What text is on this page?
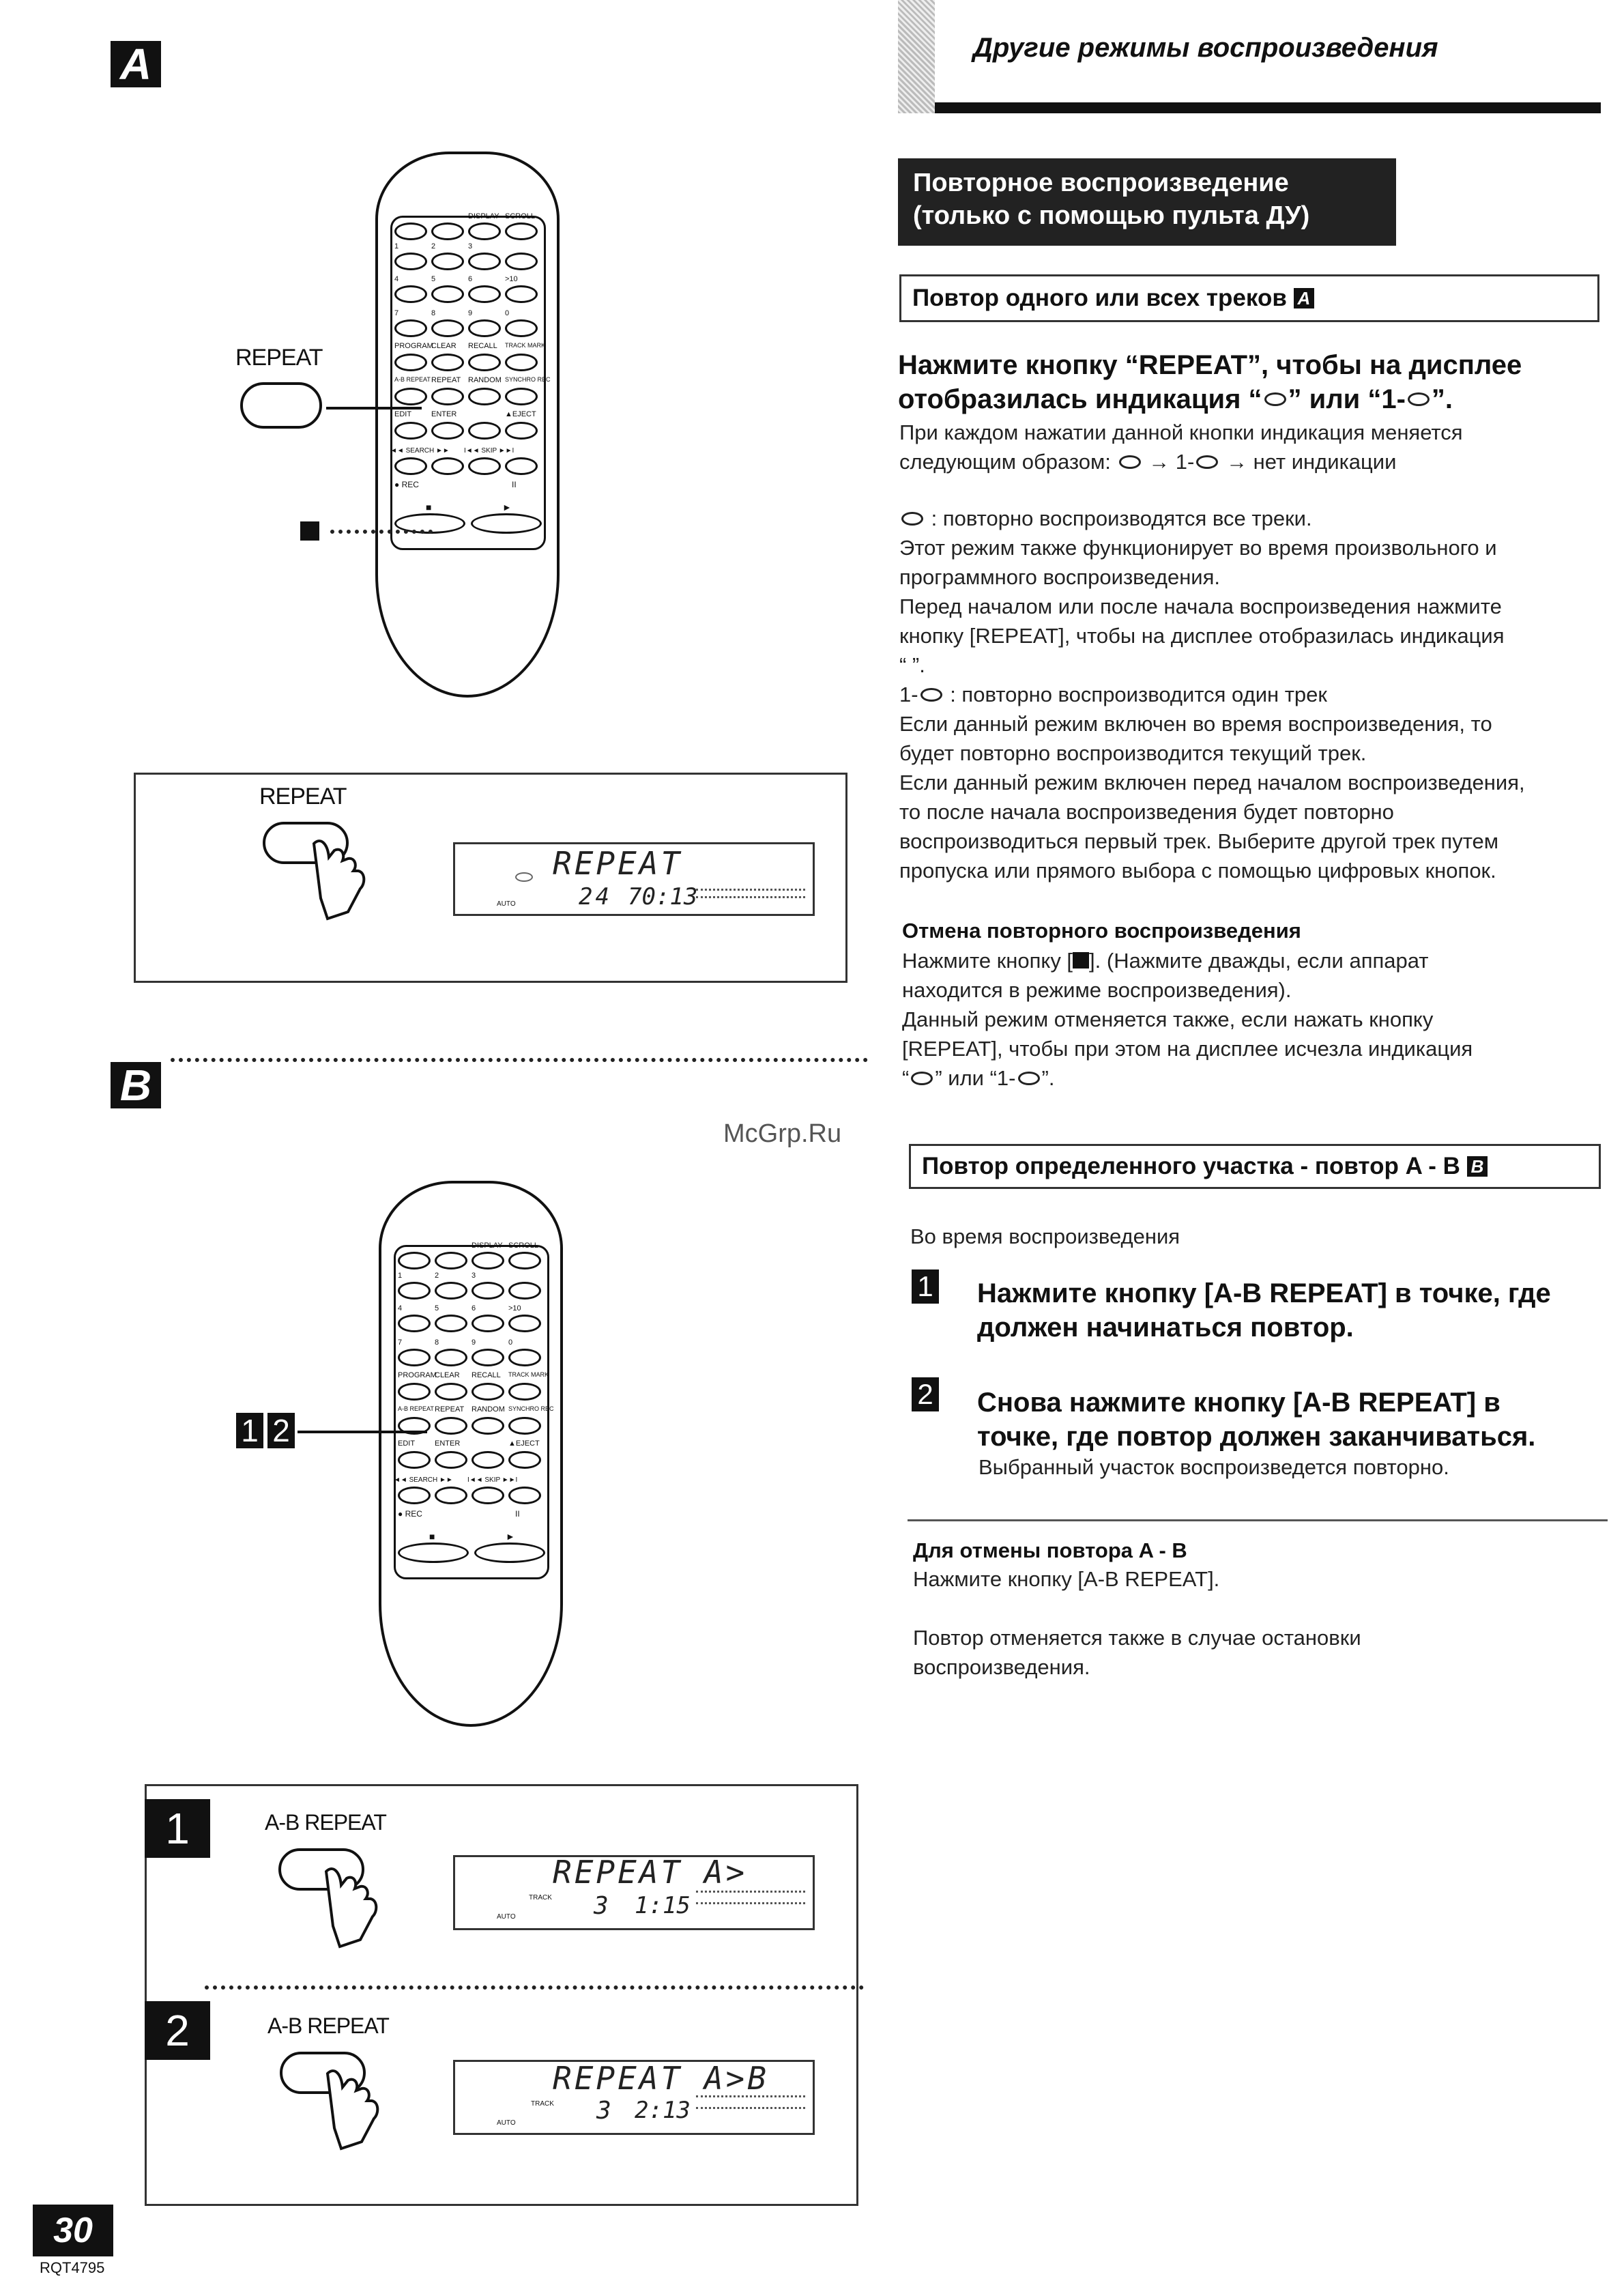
A
DISPLAY SCROLL
1	2	3
4	5	6	>10
7	8	9	0
PROGRAM
CLEAR RECALL TRACK MARK
A-B REPEAT REPEAT RANDOM SYNCHRO REC
EDIT	ENTER	▲EJECT
◄◄ SEARCH ►► I◄◄ SKIP ►►I
● REC	II
■	►
REPEAT
REPEAT
REPEAT
24 70:13
AUTO
B
DISPLAY SCROLL
1	2	3
4	5	6	>10
7	8	9	0
PROGRAM
CLEAR RECALL TRACK MARK
A-B REPEAT REPEAT RANDOM SYNCHRO REC
EDIT	ENTER	▲EJECT
◄◄ SEARCH ►► I◄◄ SKIP ►►I
● REC	II
■	►
1 2
1	A-B REPEAT
REPEAT A>
3 1:15
TRACK
AUTO
2	A-B REPEAT
REPEAT A>B
3 2:13
TRACK
AUTO
30
RQT4795
Другие режимы воспроизведения
Повторное воспроизведение
(только с помощью пульта ДУ)
Повтор одного или всех треков A
Нажмите кнопку “REPEAT”, чтобы на дисплее
отобразилась индикация “ ” или “1- ”.
При каждом нажатии данной кнопки индикация меняется
следующим образом: → 1- → нет индикации
: повторно воспроизводятся все треки.
Этот режим также функционирует во время произвольного и
программного воспроизведения.
Перед началом или после начала воспроизведения нажмите
кнопку [REPEAT], чтобы на дисплее отобразилась индикация
“ ”.
1- : повторно воспроизводится один трек
Если данный режим включен во время воспроизведения, то
будет повторно воспроизводится текущий трек.
Если данный режим включен перед началом воспроизведения,
то после начала воспроизведения будет повторно
воспроизводиться первый трек. Выберите другой трек путем
пропуска или прямого выбора с помощью цифровых кнопок.
Отмена повторного воспроизведения
Нажмите кнопку [ ]. (Нажмите дважды, если аппарат
находится в режиме воспроизведения).
Данный режим отменяется также, если нажать кнопку
[REPEAT], чтобы при этом на дисплее исчезла индикация
“ ” или “1- ”.
McGrp.Ru
Повтор определенного участка - повтор A - B B
Во время воспроизведения
1 Нажмите кнопку [A-B REPEAT] в точке, где
должен начинаться повтор.
2 Снова нажмите кнопку [A-B REPEAT] в
точке, где повтор должен заканчиваться.
Выбранный участок воспроизведется повторно.
Для отмены повтора A - B
Нажмите кнопку [A-B REPEAT].
Повтор отменяется также в случае остановки
воспроизведения.
